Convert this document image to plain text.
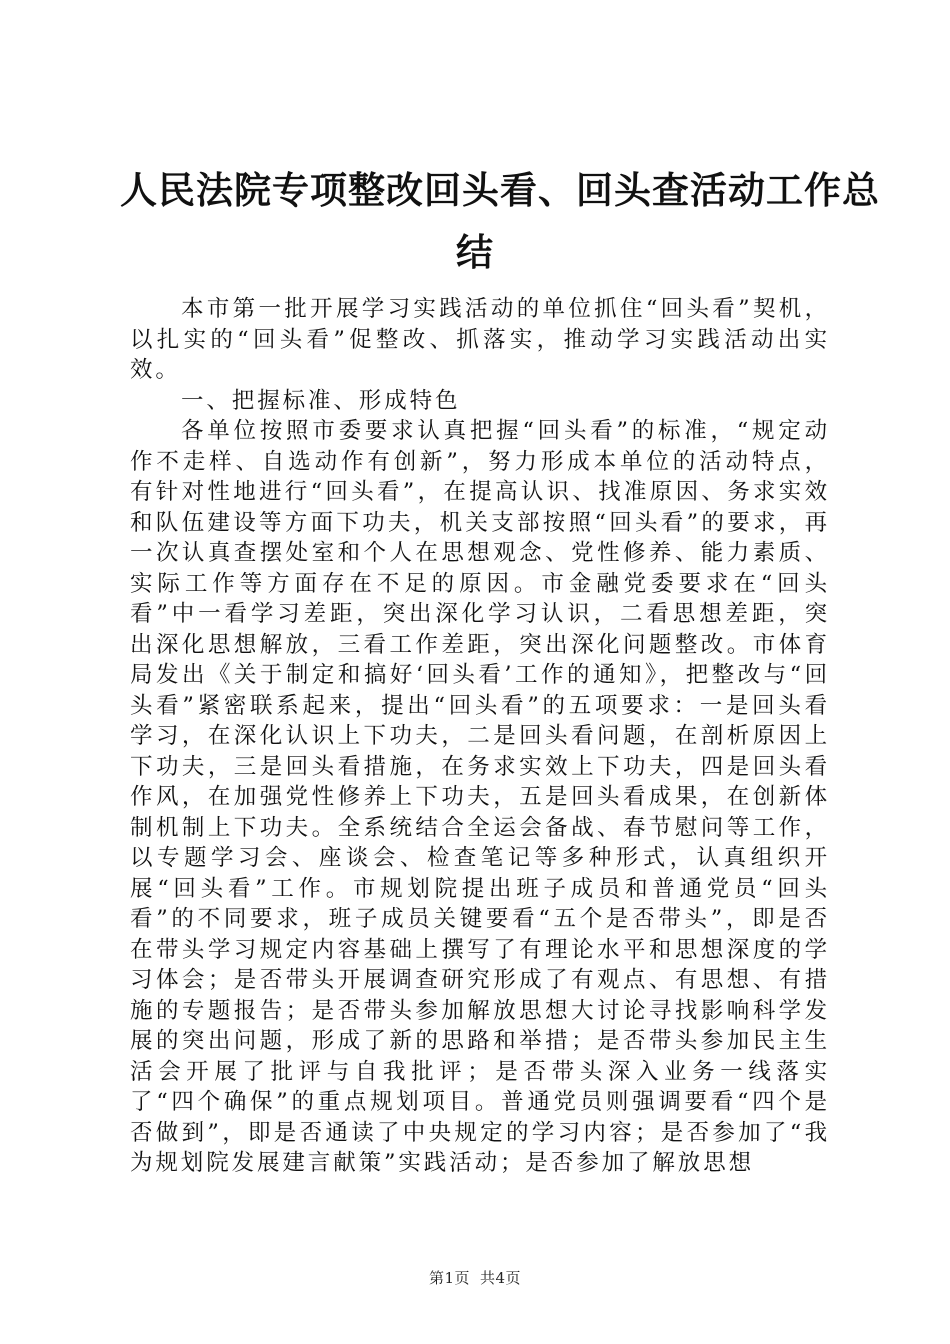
人民法院专项整改回头看、回头查活动工作总
结

本市第一批开展学习实践活动的单位抓住“回头看”契机，以扎实的“回头看”促整改、抓落实，推动学习实践活动出实效。

一、把握标准、形成特色

各单位按照市委要求认真把握“回头看”的标准，“规定动作不走样、自选动作有创新”，努力形成本单位的活动特点，有针对性地进行“回头看”，在提高认识、找准原因、务求实效和队伍建设等方面下功夫，机关支部按照“回头看”的要求，再一次认真查摆处室和个人在思想观念、党性修养、能力素质、实际工作等方面存在不足的原因。市金融党委要求在“回头看”中一看学习差距，突出深化学习认识，二看思想差距，突出深化思想解放，三看工作差距，突出深化问题整改。市体育局发出《关于制定和搞好‘回头看’工作的通知》，把整改与“回头看”紧密联系起来，提出“回头看”的五项要求：一是回头看学习，在深化认识上下功夫，二是回头看问题，在剖析原因上下功夫，三是回头看措施，在务求实效上下功夫，四是回头看作风，在加强党性修养上下功夫，五是回头看成果，在创新体制机制上下功夫。全系统结合全运会备战、春节慰问等工作，以专题学习会、座谈会、检查笔记等多种形式，认真组织开展“回头看”工作。市规划院提出班子成员和普通党员“回头看”的不同要求，班子成员关键要看“五个是否带头”，即是否在带头学习规定内容基础上撰写了有理论水平和思想深度的学习体会；是否带头开展调查研究形成了有观点、有思想、有措施的专题报告；是否带头参加解放思想大讨论寻找影响科学发展的突出问题，形成了新的思路和举措；是否带头参加民主生活会开展了批评与自我批评；是否带头深入业务一线落实了“四个确保”的重点规划项目。普通党员则强调要看“四个是否做到”，即是否通读了中央规定的学习内容；是否参加了“我为规划院发展建言献策”实践活动；是否参加了解放思想

第1页 共4页
